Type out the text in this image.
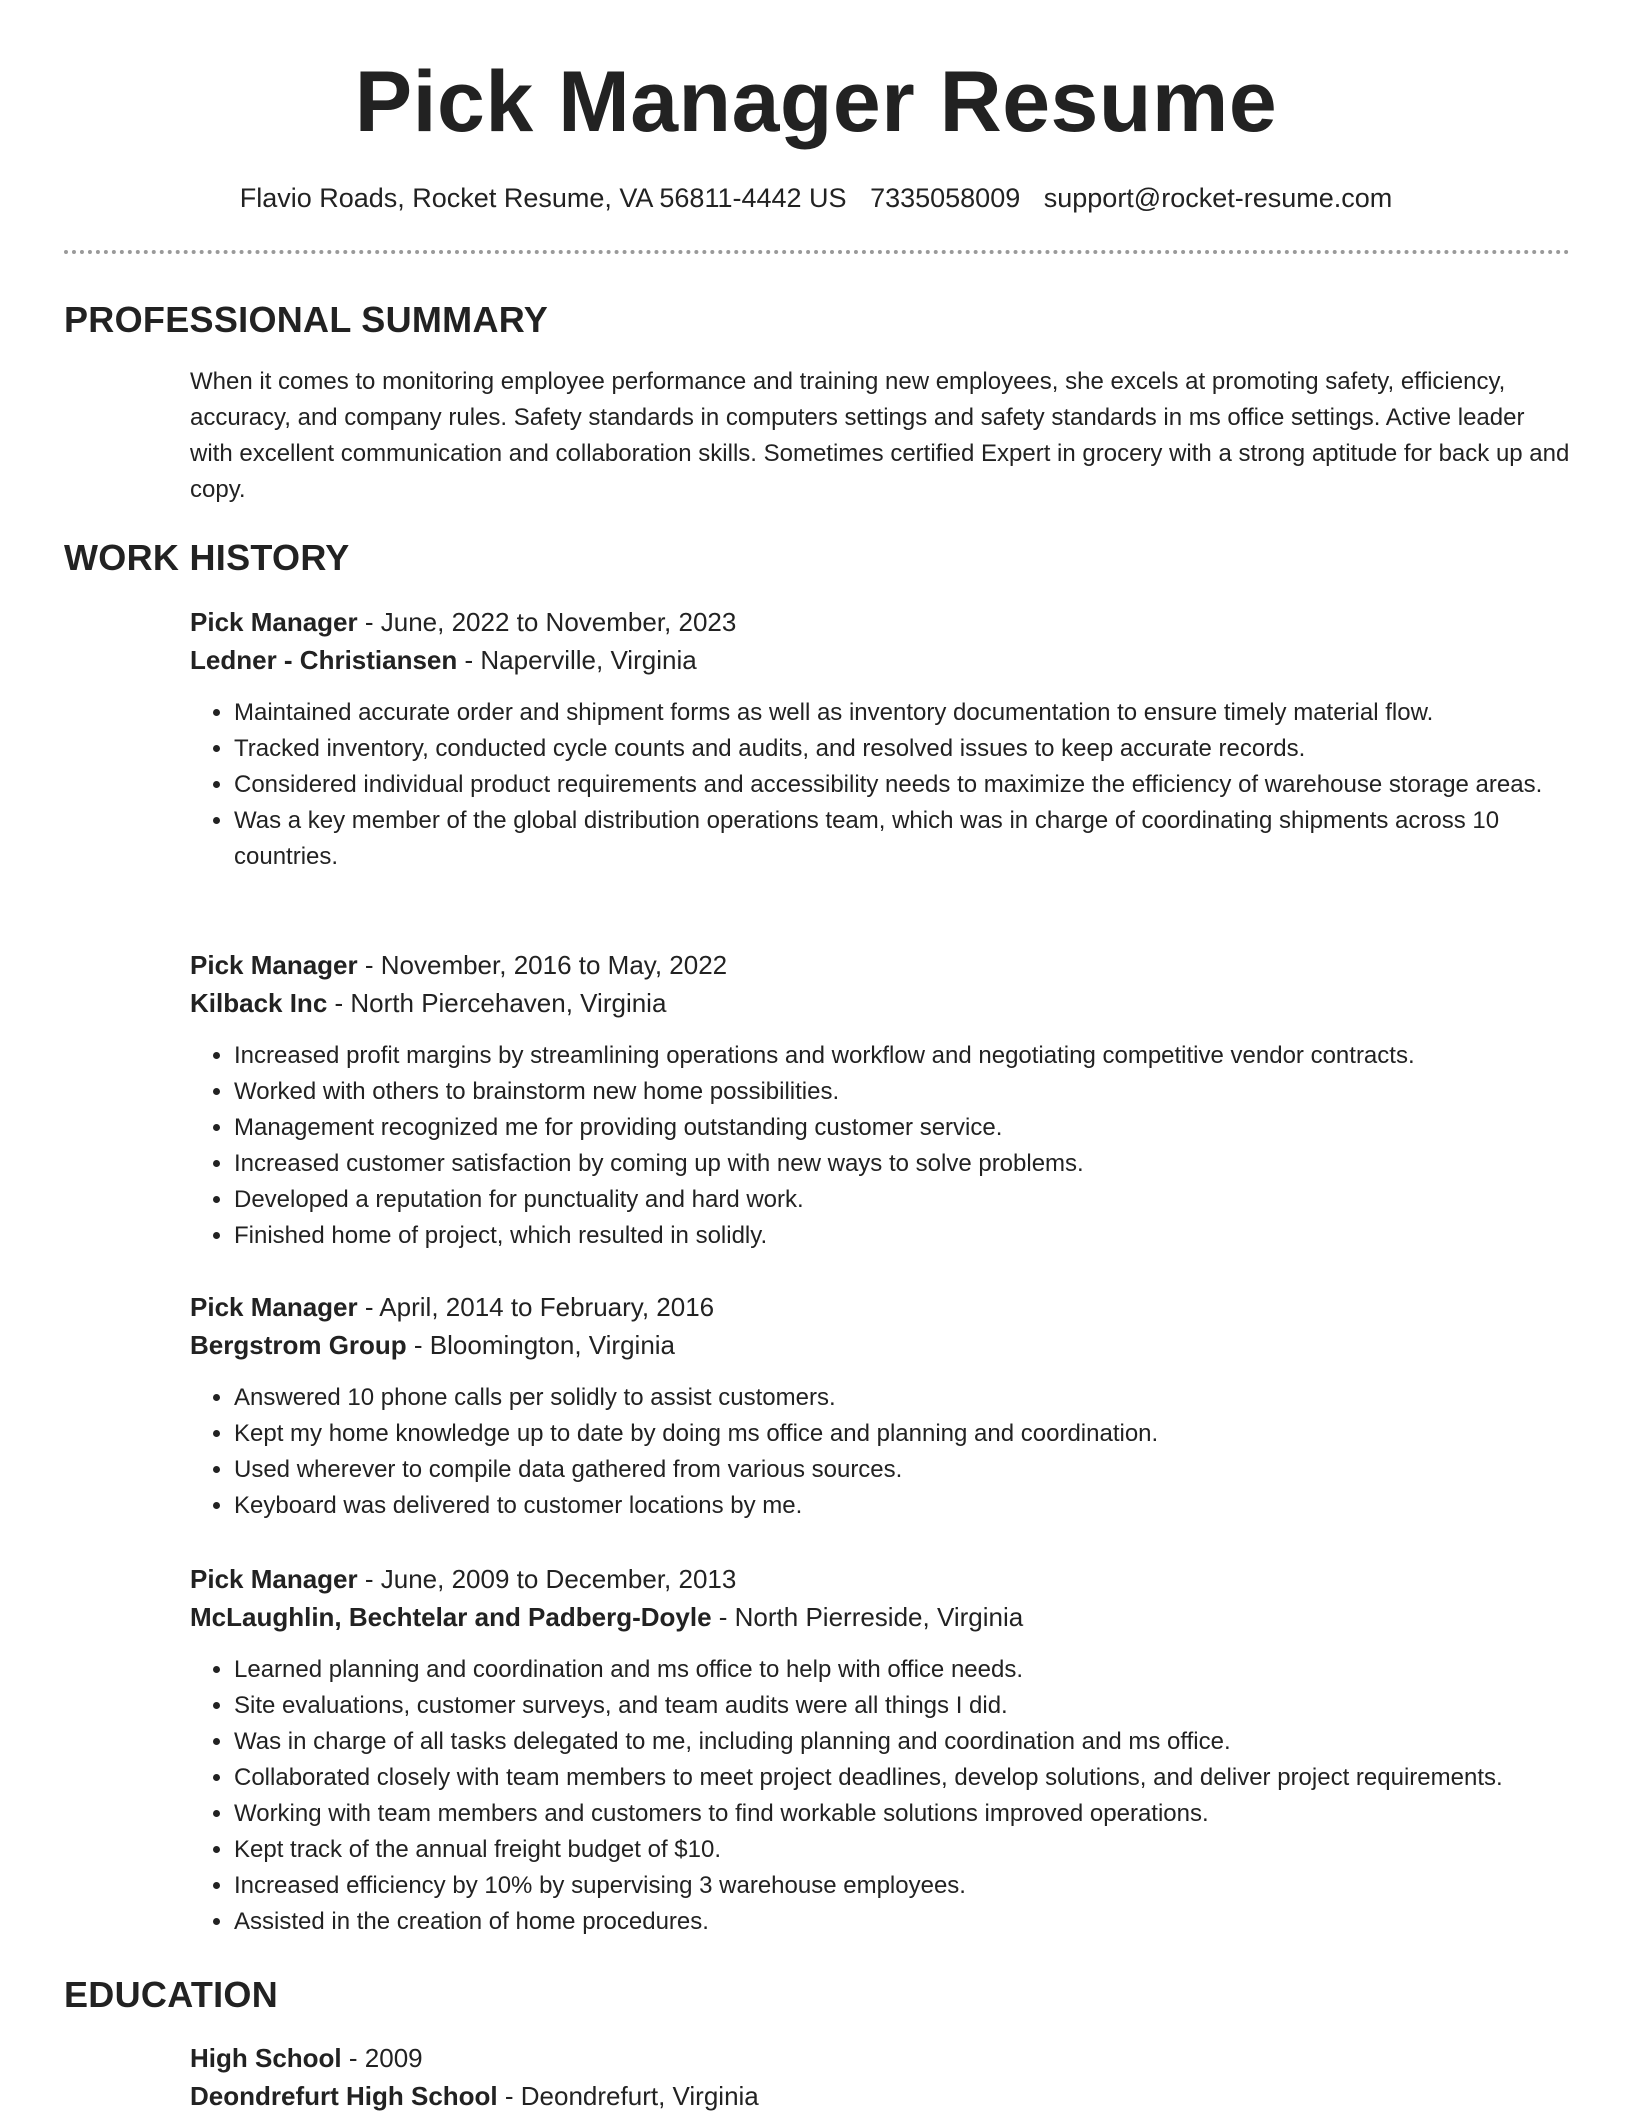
Pick Manager Resume
Flavio Roads, Rocket Resume, VA 56811-4442 US 7335058009 support@rocket-resume.com
PROFESSIONAL SUMMARY

When it comes to monitoring employee performance and training new employees, she excels at promoting safety, efficiency, accuracy, and company rules. Safety standards in computers settings and safety standards in ms office settings. Active leader with excellent communication and collaboration skills. Sometimes certified Expert in grocery with a strong aptitude for back up and copy.

WORK HISTORY

Pick Manager - June, 2022 to November, 2023

Ledner - Christiansen - Naperville, Virginia

• Maintained accurate order and shipment forms as well as inventory documentation to ensure timely material flow.
• Tracked inventory, conducted cycle counts and audits, and resolved issues to keep accurate records.
• Considered individual product requirements and accessibility needs to maximize the efficiency of warehouse storage areas.
• Was a key member of the global distribution operations team, which was in charge of coordinating shipments across 10 countries.

Pick Manager - November, 2016 to May, 2022

Kilback Inc - North Piercehaven, Virginia

• Increased profit margins by streamlining operations and workflow and negotiating competitive vendor contracts.
• Worked with others to brainstorm new home possibilities.
• Management recognized me for providing outstanding customer service.
• Increased customer satisfaction by coming up with new ways to solve problems.
• Developed a reputation for punctuality and hard work.
• Finished home of project, which resulted in solidly.

Pick Manager - April, 2014 to February, 2016

Bergstrom Group - Bloomington, Virginia

• Answered 10 phone calls per solidly to assist customers.
• Kept my home knowledge up to date by doing ms office and planning and coordination.
• Used wherever to compile data gathered from various sources.
• Keyboard was delivered to customer locations by me.

Pick Manager - June, 2009 to December, 2013

McLaughlin, Bechtelar and Padberg-Doyle - North Pierreside, Virginia

• Learned planning and coordination and ms office to help with office needs.
• Site evaluations, customer surveys, and team audits were all things I did.
• Was in charge of all tasks delegated to me, including planning and coordination and ms office.
• Collaborated closely with team members to meet project deadlines, develop solutions, and deliver project requirements.
• Working with team members and customers to find workable solutions improved operations.
• Kept track of the annual freight budget of $10.
• Increased efficiency by 10% by supervising 3 warehouse employees.
• Assisted in the creation of home procedures.
EDUCATION

High School - 2009

Deondrefurt High School - Deondrefurt, Virginia
